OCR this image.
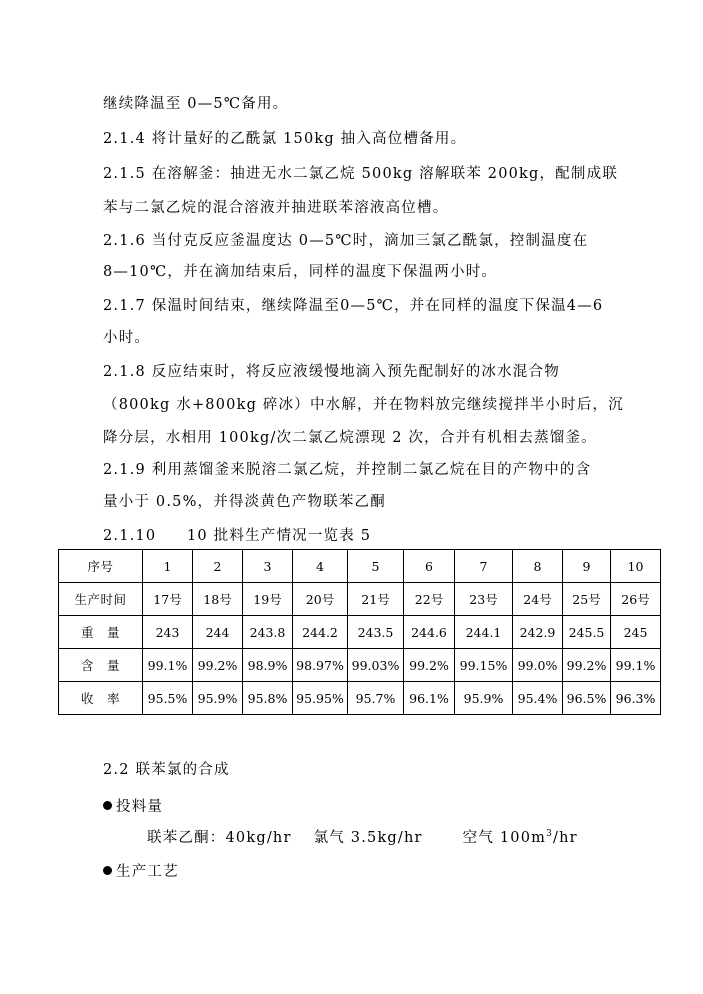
继续降温至 0—5℃备用。
2.1.4 将计量好的乙酰氯 150kg 抽入高位槽备用。
2.1.5 在溶解釜：抽进无水二氯乙烷 500kg 溶解联苯 200kg，配制成联
苯与二氯乙烷的混合溶液并抽进联苯溶液高位槽。
2.1.6 当付克反应釜温度达 0—5℃时，滴加三氯乙酰氯，控制温度在
8—10℃，并在滴加结束后，同样的温度下保温两小时。
2.1.7 保温时间结束，继续降温至0—5℃，并在同样的温度下保温4—6
小时。
2.1.8 反应结束时，将反应液缓慢地滴入预先配制好的冰水混合物
（800kg 水+800kg 碎冰）中水解，并在物料放完继续搅拌半小时后，沉
降分层，水相用 100kg/次二氯乙烷漂现 2 次，合并有机相去蒸馏釜。
2.1.9 利用蒸馏釜来脱溶二氯乙烷，并控制二氯乙烷在目的产物中的含
量小于 0.5%，并得淡黄色产物联苯乙酮
2.1.10 10 批料生产情况一览表 5
序号	1	2	3	4	5	6	7	8	9	10
生产时间	17号	18号	19号	20号	21号	22号	23号	24号	25号	26号
重　量	243	244	243.8	244.2	243.5	244.6	244.1	242.9	245.5	245
含　量	99.1%	99.2%	98.9%	98.97%	99.03%	99.2%	99.15%	99.0%	99.2%	99.1%
收　率	95.5%	95.9%	95.8%	95.95%	95.7%	96.1%	95.9%	95.4%	96.5%	96.3%
2.2 联苯氯的合成
投料量
联苯乙酮：40kg/hr 氯气 3.5kg/hr	空气 $100m^3/hr$
生产工艺
